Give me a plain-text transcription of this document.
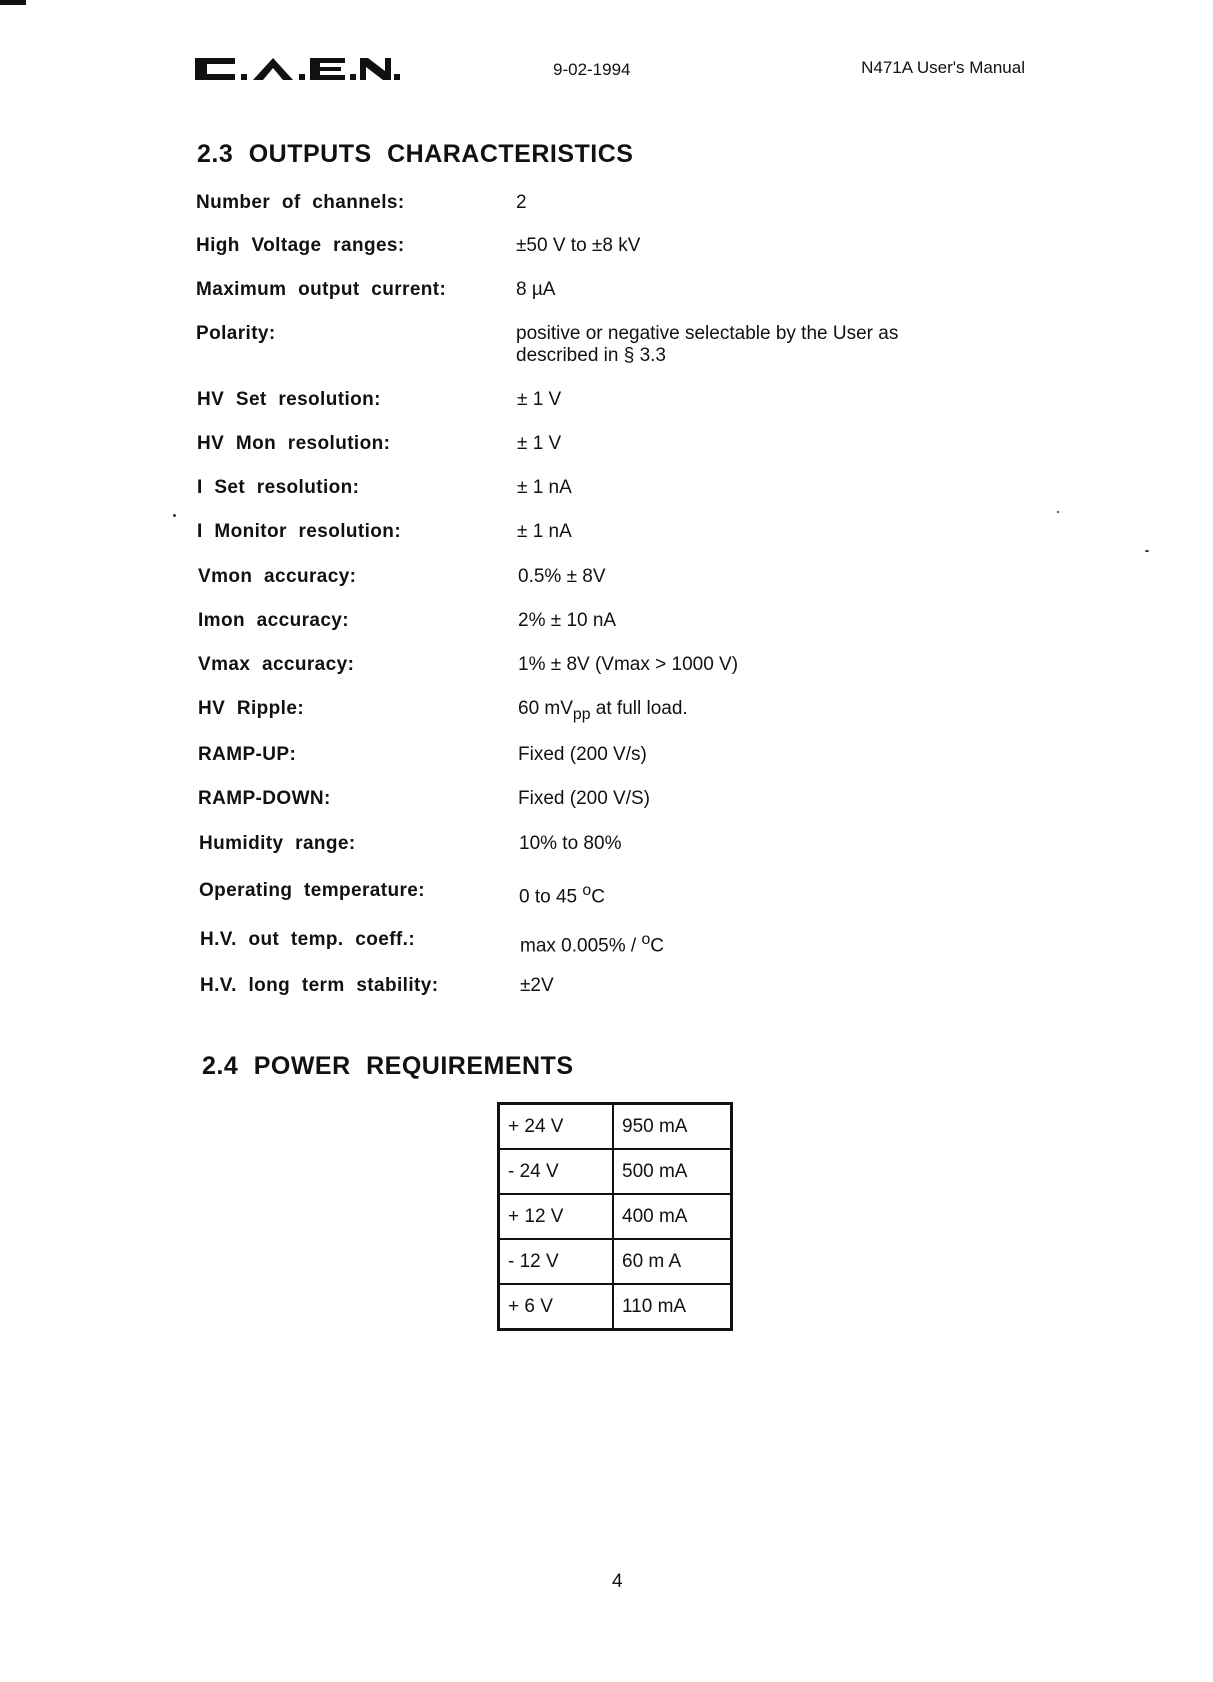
9-02-1994	N471A User's Manual
2.3 OUTPUTS CHARACTERISTICS
Number of channels:	2
High Voltage ranges:	±50 V to ±8 kV
Maximum output current:	8 µA
Polarity:	positive or negative selectable by the User as described in § 3.3
HV Set resolution:	± 1 V
HV Mon resolution:	± 1 V
I Set resolution:	± 1 nA
I Monitor resolution:	± 1 nA
Vmon accuracy:	0.5% ± 8V
Imon accuracy:	2% ± 10 nA
Vmax accuracy:	1% ± 8V (Vmax > 1000 V)
HV Ripple:	60 $mV_{pp}$ at full load.
RAMP-UP:	Fixed (200 V/s)
RAMP-DOWN:	Fixed (200 V/S)
Humidity range:	10% to 80%
Operating temperature:	0 to 45 $^o$C
H.V. out temp. coeff.:	max 0.005% / $^o$C
H.V. long term stability:	±2V
2.4 POWER REQUIREMENTS
+ 24 V	950 mA
- 24 V	500 mA
+ 12 V	400 mA
- 12 V	60 m A
+ 6 V	110 mA
4
